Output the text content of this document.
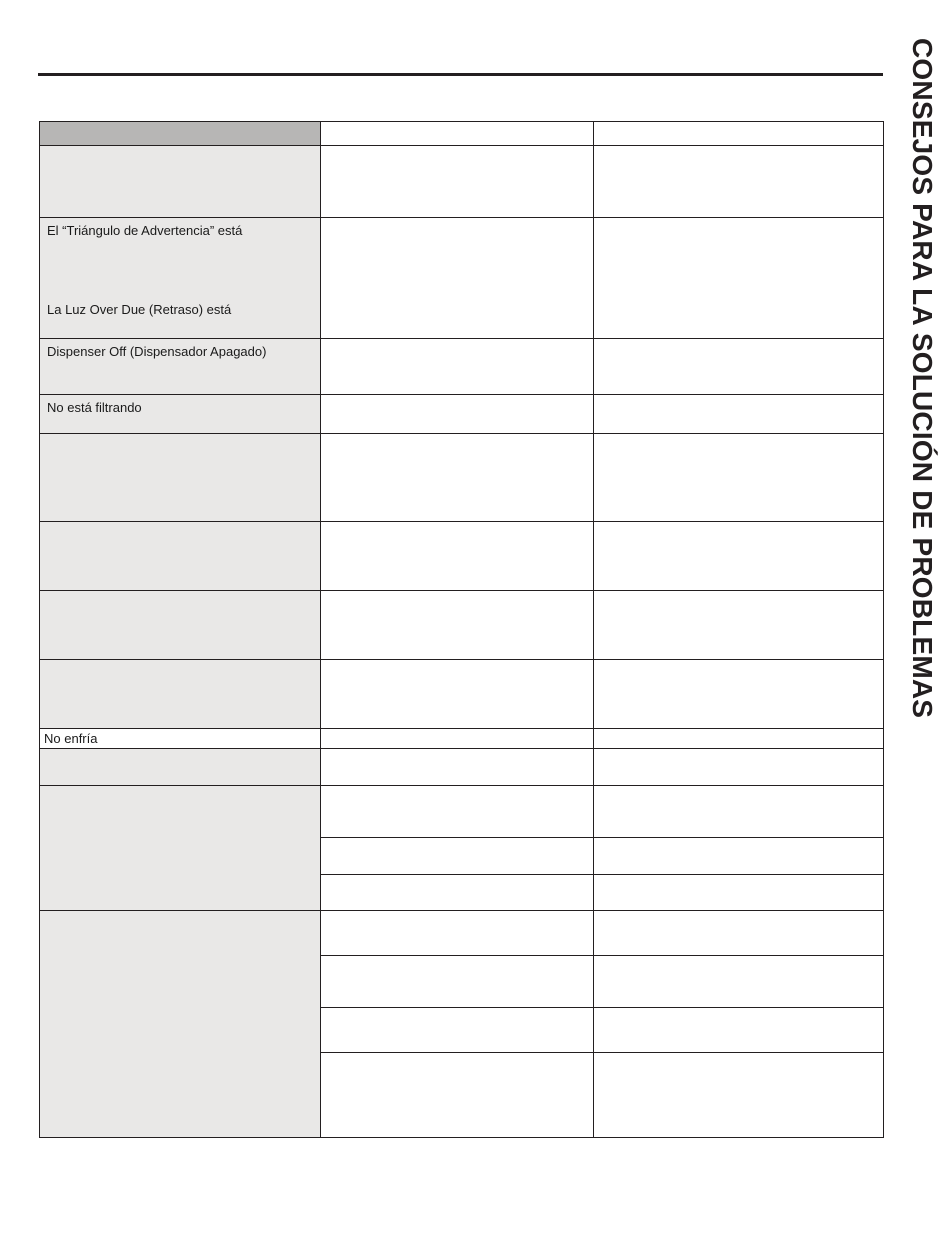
CONSEJOS PARA LA SOLUCIÓN DE PROBLEMAS
El “Triángulo de Advertencia” está
La Luz Over Due (Retraso) está
Dispenser Off (Dispensador Apagado)
No está filtrando
No enfría
